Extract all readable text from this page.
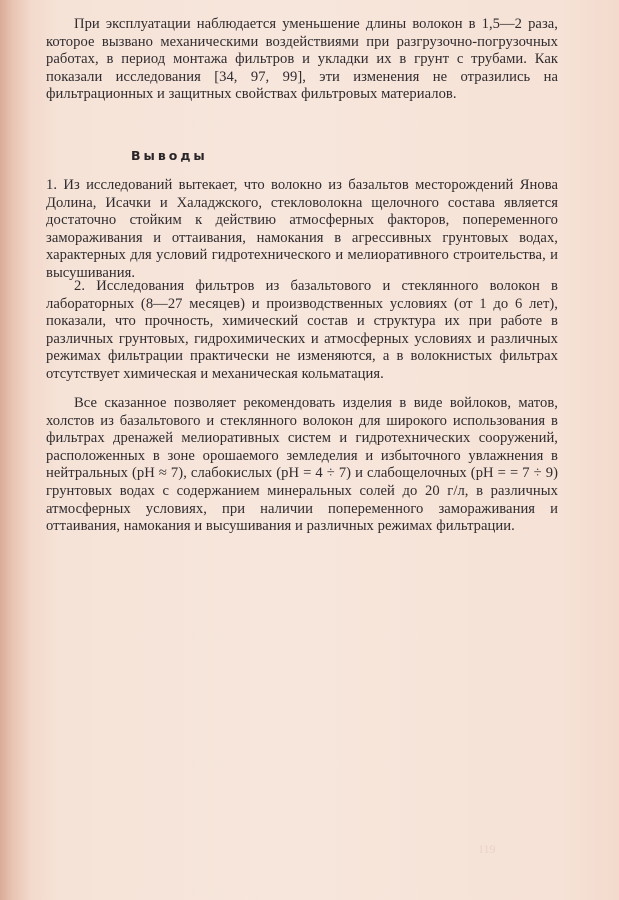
При эксплуатации наблюдается уменьшение длины волокон в 1,5—2 раза, которое вызвано механическими воздействиями при разгрузочно-погрузочных работах, в период монтажа фильтров и укладки их в грунт с трубами. Как показали исследования [34, 97, 99], эти изменения не отразились на фильтрационных и защитных свойствах фильтровых материалов.

Выводы

1. Из исследований вытекает, что волокно из базальтов месторождений Янова Долина, Исачки и Халаджского, стекловолокна щелочного состава является достаточно стойким к действию атмосферных факторов, попеременного замораживания и оттаивания, намокания в агрессивных грунтовых водах, характерных для условий гидротехнического и мелиоративного строительства, и высушивания.

2. Исследования фильтров из базальтового и стеклянного волокон в лабораторных (8—27 месяцев) и производственных условиях (от 1 до 6 лет), показали, что прочность, химический состав и структура их при работе в различных грунтовых, гидрохимических и атмосферных условиях и различных режимах фильтрации практически не изменяются, а в волокнистых фильтрах отсутствует химическая и механическая кольматация.

Все сказанное позволяет рекомендовать изделия в виде войлоков, матов, холстов из базальтового и стеклянного волокон для широкого использования в фильтрах дренажей мелиоративных систем и гидротехнических сооружений, расположенных в зоне орошаемого земледелия и избыточного увлажнения в нейтральных (pH ≈ 7), слабокислых (pH = 4 ÷ 7) и слабощелочных (pH = = 7 ÷ 9) грунтовых водах с содержанием минеральных солей до 20 г/л, в различных атмосферных условиях, при наличии попеременного замораживания и оттаивания, намокания и высушивания и различных режимах фильтрации.

119
